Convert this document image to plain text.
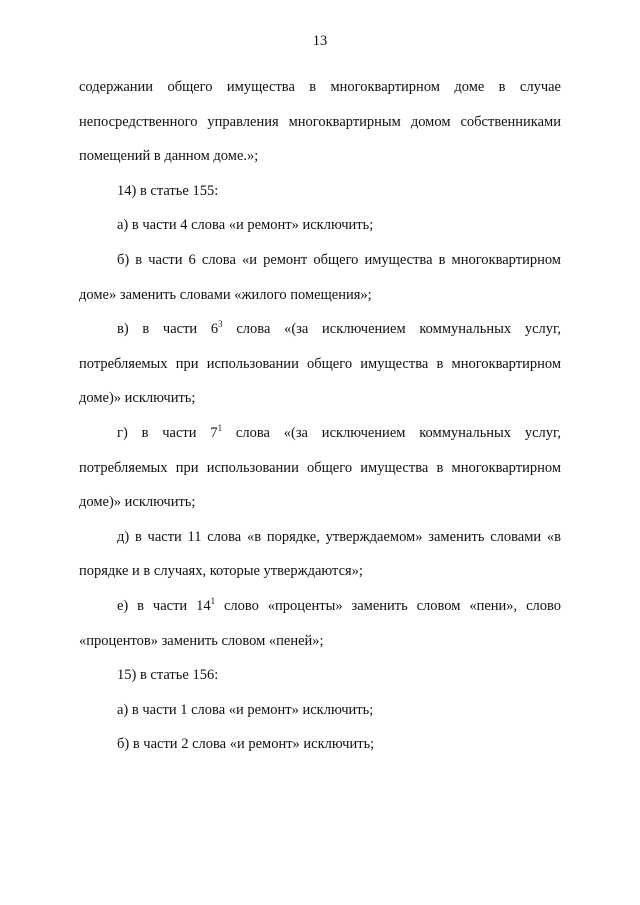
13

содержании общего имущества в многоквартирном доме в случае непосредственного управления многоквартирным домом собственниками помещений в данном доме.»;

14) в статье 155:

а) в части 4 слова «и ремонт» исключить;

б) в части 6 слова «и ремонт общего имущества в многоквартирном доме» заменить словами «жилого помещения»;

в) в части $6^3$ слова «(за исключением коммунальных услуг, потребляемых при использовании общего имущества в многоквартирном доме)» исключить;

г) в части $7^1$ слова «(за исключением коммунальных услуг, потребляемых при использовании общего имущества в многоквартирном доме)» исключить;

д) в части 11 слова «в порядке, утверждаемом» заменить словами «в порядке и в случаях, которые утверждаются»;

е) в части $14^1$ слово «проценты» заменить словом «пени», слово «процентов» заменить словом «пеней»;

15) в статье 156:

а) в части 1 слова «и ремонт» исключить;

б) в части 2 слова «и ремонт» исключить;
